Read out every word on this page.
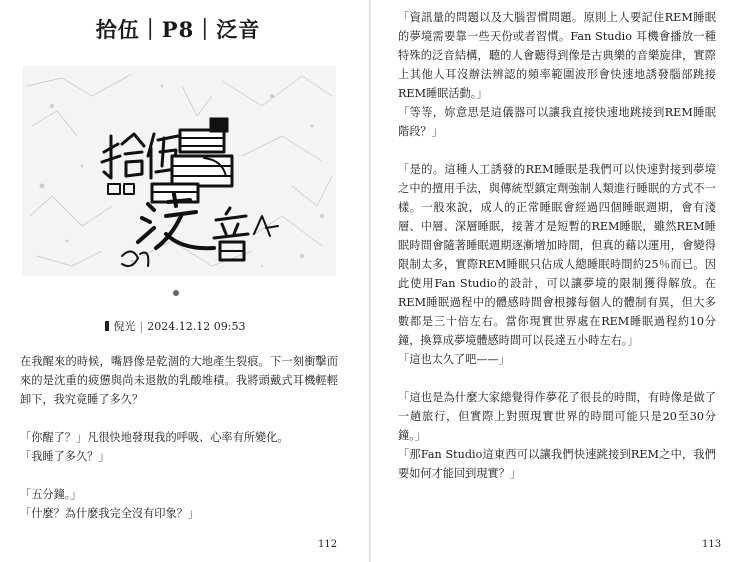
拾伍｜P8｜泛音
倪光 | 2024.12.12 09:53

在我醒來的時候，嘴唇像是乾涸的大地產生裂痕。下一刻衝擊而來的是沈重的疲憊與尚未退散的乳酸堆積。我將頭戴式耳機輕輕卸下，我究竟睡了多久？

「你醒了？」凡很快地發現我的呼吸、心率有所變化。

「我睡了多久？」

「五分鐘。」

「什麼？為什麼我完全沒有印象？」

112

「資訊量的問題以及大腦習慣問題。原則上人要記住REM睡眠的夢境需要靠一些天份或者習慣。Fan Studio 耳機會播放一種特殊的泛音結構，聽的人會聽得到像是古典樂的音樂旋律，實際上其他人耳沒辦法辨認的頻率範圍波形會快速地誘發腦部跳接REM睡眠活動。」

「等等，妳意思是這儀器可以讓我直接快速地跳接到REM睡眠階段？」

「是的。這種人工誘發的REM睡眠是我們可以快速對接到夢境之中的擅用手法，與傳統型鎮定劑強制人類進行睡眠的方式不一樣。一般來說，成人的正常睡眠會經過四個睡眠週期，會有淺層、中層、深層睡眠，接著才是短暫的REM睡眠，雖然REM睡眠時間會隨著睡眠週期逐漸增加時間，但真的藉以運用，會變得限制太多，實際REM睡眠只佔成人總睡眠時間約25％而已。因此使用Fan Studio的設計，可以讓夢境的限制獲得解放。在REM睡眠過程中的體感時間會根據每個人的體制有異，但大多數都是三十倍左右。當你現實世界處在REM睡眠過程約10分鐘，換算成夢境體感時間可以長達五小時左右。」

「這也太久了吧——」

「這也是為什麼大家總覺得作夢花了很長的時間，有時像是做了一趟旅行，但實際上對照現實世界的時間可能只是20至30分鐘。」

「那Fan Studio這東西可以讓我們快速跳接到REM之中，我們要如何才能回到現實？」

113
